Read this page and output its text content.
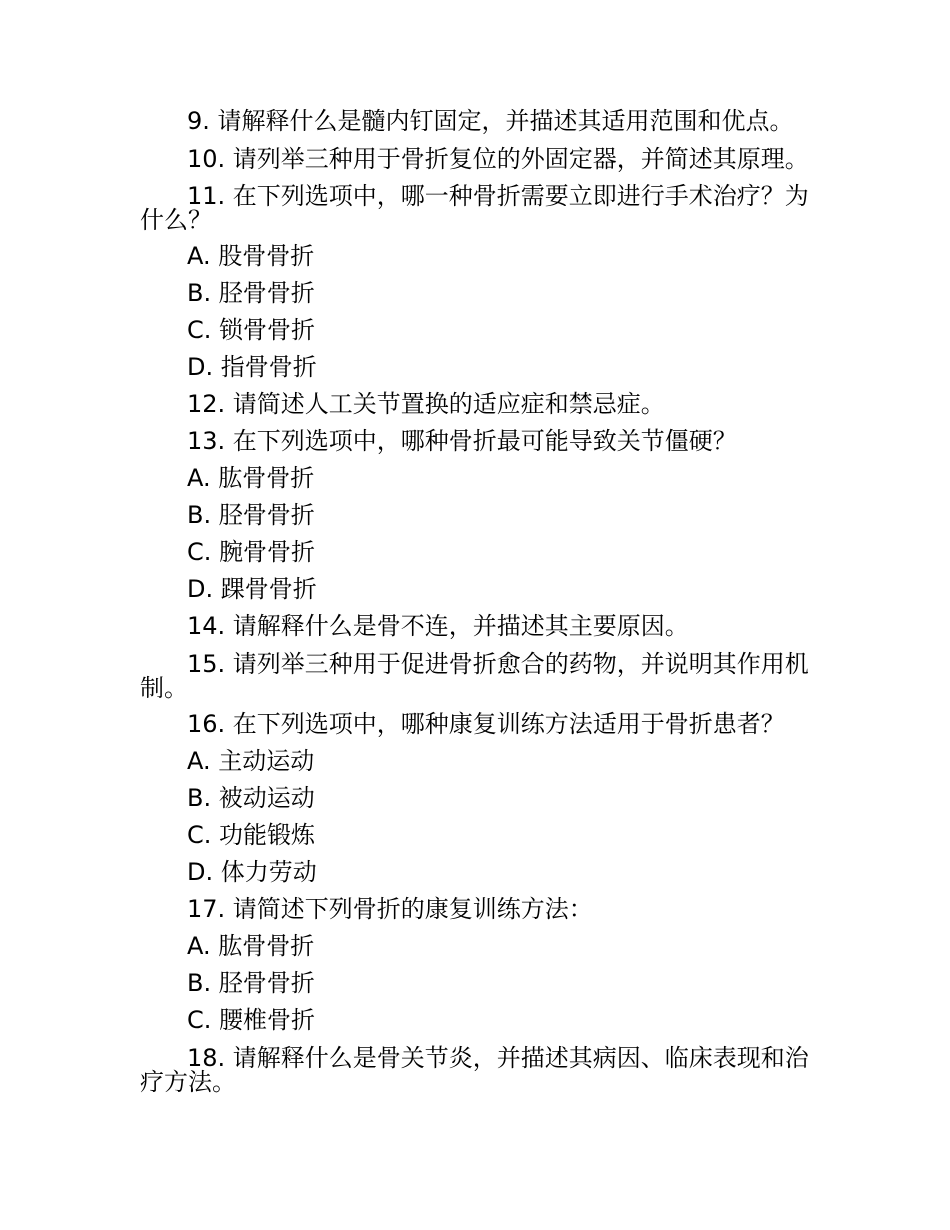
9. 请解释什么是髓内钉固定，并描述其适用范围和优点。

10. 请列举三种用于骨折复位的外固定器，并简述其原理。

11. 在下列选项中，哪一种骨折需要立即进行手术治疗？为什么？

A. 股骨骨折

B. 胫骨骨折

C. 锁骨骨折

D. 指骨骨折

12. 请简述人工关节置换的适应症和禁忌症。

13. 在下列选项中，哪种骨折最可能导致关节僵硬？

A. 肱骨骨折

B. 胫骨骨折

C. 腕骨骨折

D. 踝骨骨折

14. 请解释什么是骨不连，并描述其主要原因。

15. 请列举三种用于促进骨折愈合的药物，并说明其作用机制。

16. 在下列选项中，哪种康复训练方法适用于骨折患者？

A. 主动运动

B. 被动运动

C. 功能锻炼

D. 体力劳动

17. 请简述下列骨折的康复训练方法：

A. 肱骨骨折

B. 胫骨骨折

C. 腰椎骨折

18. 请解释什么是骨关节炎，并描述其病因、临床表现和治疗方法。
